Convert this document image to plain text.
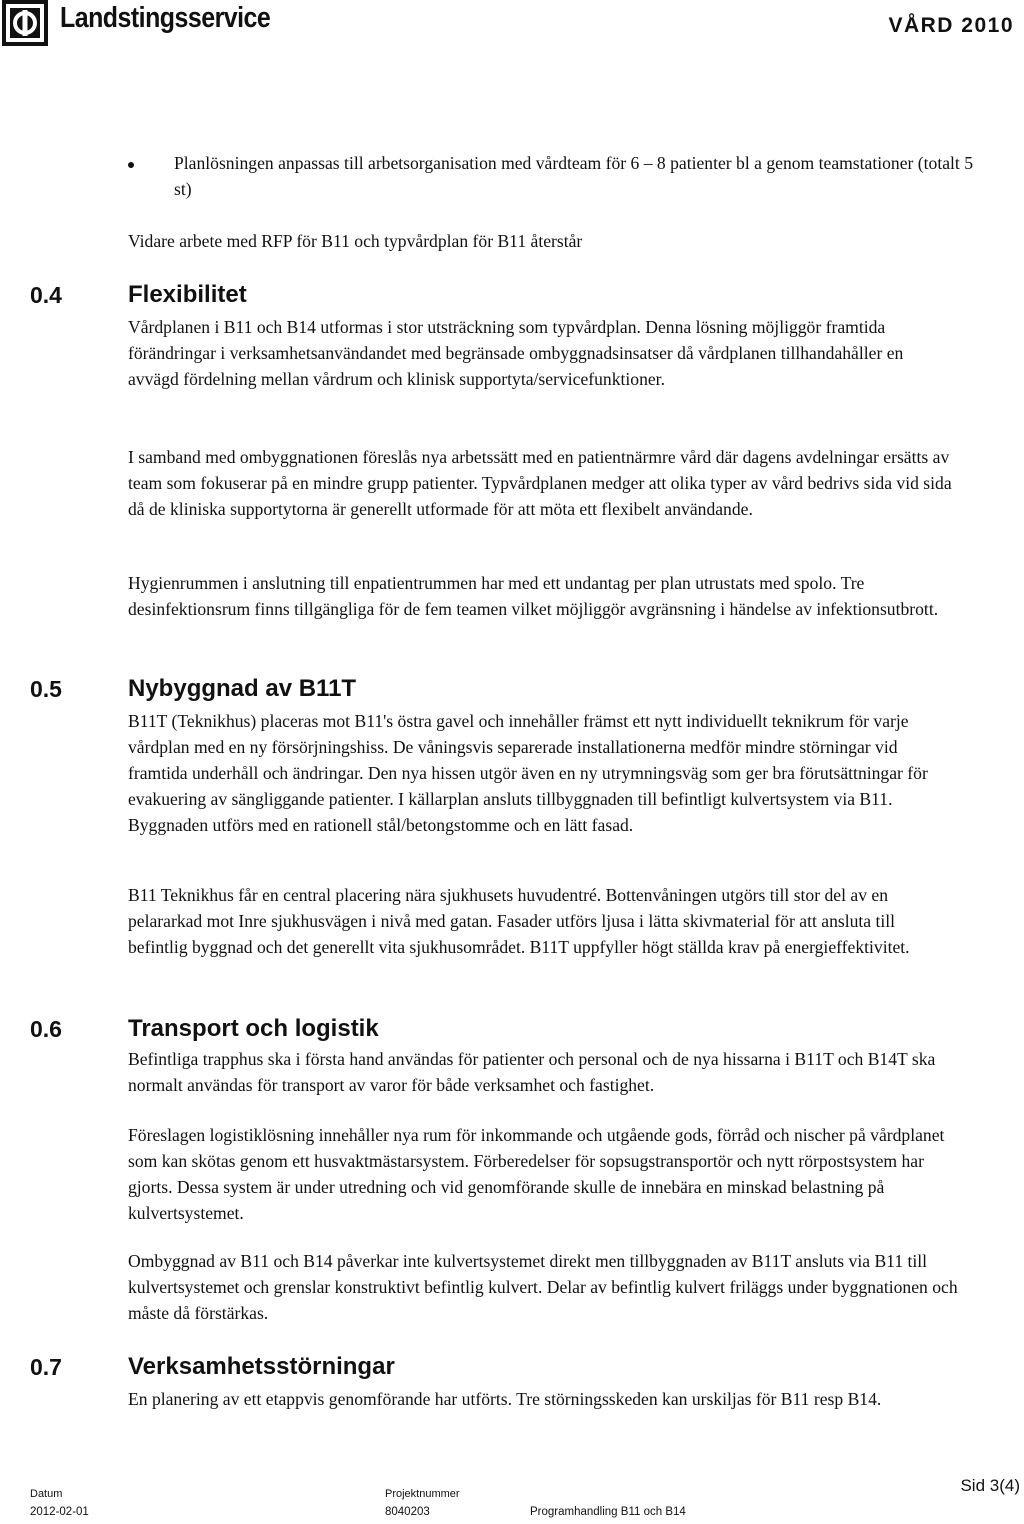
Landstingsservice	VÅRD 2010
Planlösningen anpassas till arbetsorganisation med vårdteam för 6 – 8 patienter bl a genom teamstationer (totalt 5 st)
Vidare arbete med RFP för B11 och typvårdplan för B11 återstår
0.4	Flexibilitet
Vårdplanen i B11 och B14 utformas i stor utsträckning som typvårdplan. Denna lösning möjliggör framtida förändringar i verksamhetsanvändandet med begränsade ombyggnadsinsatser då vårdplanen tillhandahåller en avvägd fördelning mellan vårdrum och klinisk supportyta/servicefunktioner.
I samband med ombyggnationen föreslås nya arbetssätt med en patientnärmre vård där dagens avdelningar ersätts av team som fokuserar på en mindre grupp patienter. Typvårdplanen medger att olika typer av vård bedrivs sida vid sida då de kliniska supportytorna är generellt utformade för att möta ett flexibelt användande.
Hygienrummen i anslutning till enpatientrummen har med ett undantag per plan utrustats med spolo. Tre desinfektionsrum finns tillgängliga för de fem teamen vilket möjliggör avgränsning i händelse av infektionsutbrott.
0.5	Nybyggnad av B11T
B11T (Teknikhus) placeras mot B11's östra gavel och innehåller främst ett nytt individuellt teknikrum för varje vårdplan med en ny försörjningshiss. De våningsvis separerade installationerna medför mindre störningar vid framtida underhåll och ändringar. Den nya hissen utgör även en ny utrymningsväg som ger bra förutsättningar för evakuering av sängliggande patienter. I källarplan ansluts tillbyggnaden till befintligt kulvertsystem via B11. Byggnaden utförs med en rationell stål/betongstomme och en lätt fasad.
B11 Teknikhus får en central placering nära sjukhusets huvudentré. Bottenvåningen utgörs till stor del av en pelararkad mot Inre sjukhusvägen i nivå med gatan. Fasader utförs ljusa i lätta skivmaterial för att ansluta till befintlig byggnad och det generellt vita sjukhusområdet. B11T uppfyller högt ställda krav på energieffektivitet.
0.6	Transport och logistik
Befintliga trapphus ska i första hand användas för patienter och personal och de nya hissarna i B11T och B14T ska normalt användas för transport av varor för både verksamhet och fastighet.
Föreslagen logistiklösning innehåller nya rum för inkommande och utgående gods, förråd och nischer på vårdplanet som kan skötas genom ett husvaktmästarsystem. Förberedelser för sopsugstransportör och nytt rörpostsystem har gjorts. Dessa system är under utredning och vid genomförande skulle de innebära en minskad belastning på kulvertsystemet.
Ombyggnad av B11 och B14 påverkar inte kulvertsystemet direkt men tillbyggnaden av B11T ansluts via B11 till kulvertsystemet och grenslar konstruktivt befintlig kulvert. Delar av befintlig kulvert friläggs under byggnationen och måste då förstärkas.
0.7	Verksamhetsstörningar
En planering av ett etappvis genomförande har utförts. Tre störningsskeden kan urskiljas för B11 resp B14.
Datum
2012-02-01
Projektnummer
8040203	Programhandling B11 och B14
Sid 3(4)
